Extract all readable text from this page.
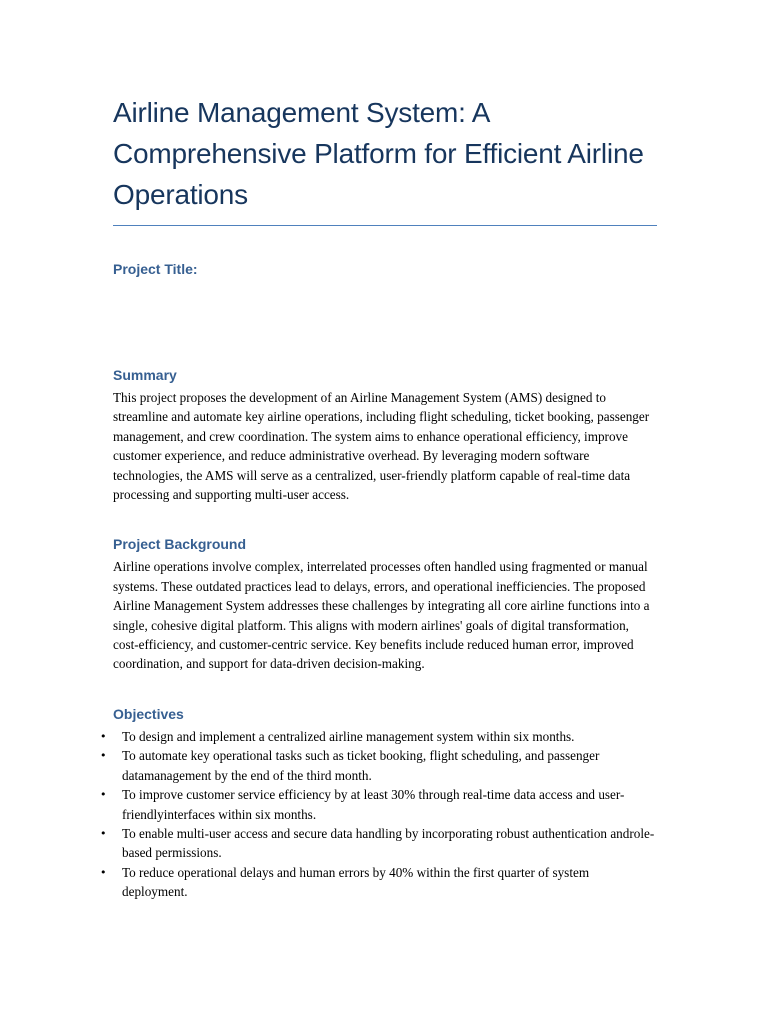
Airline Management System: A Comprehensive Platform for Efficient Airline Operations
Project Title:
Summary

This project proposes the development of an Airline Management System (AMS) designed to streamline and automate key airline operations, including flight scheduling, ticket booking, passenger management, and crew coordination. The system aims to enhance operational efficiency, improve customer experience, and reduce administrative overhead. By leveraging modern software technologies, the AMS will serve as a centralized, user-friendly platform capable of real-time data processing and supporting multi-user access.

Project Background

Airline operations involve complex, interrelated processes often handled using fragmented or manual systems. These outdated practices lead to delays, errors, and operational inefficiencies. The proposed Airline Management System addresses these challenges by integrating all core airline functions into a single, cohesive digital platform. This aligns with modern airlines' goals of digital transformation, cost-efficiency, and customer-centric service. Key benefits include reduced human error, improved coordination, and support for data-driven decision-making.

Objectives
• To design and implement a centralized airline management system within six months.
• To automate key operational tasks such as ticket booking, flight scheduling, and passenger datamanagement by the end of the third month.
• To improve customer service efficiency by at least 30% through real-time data access and user-friendlyinterfaces within six months.
• To enable multi-user access and secure data handling by incorporating robust authentication androle-based permissions.
• To reduce operational delays and human errors by 40% within the first quarter of system deployment.
